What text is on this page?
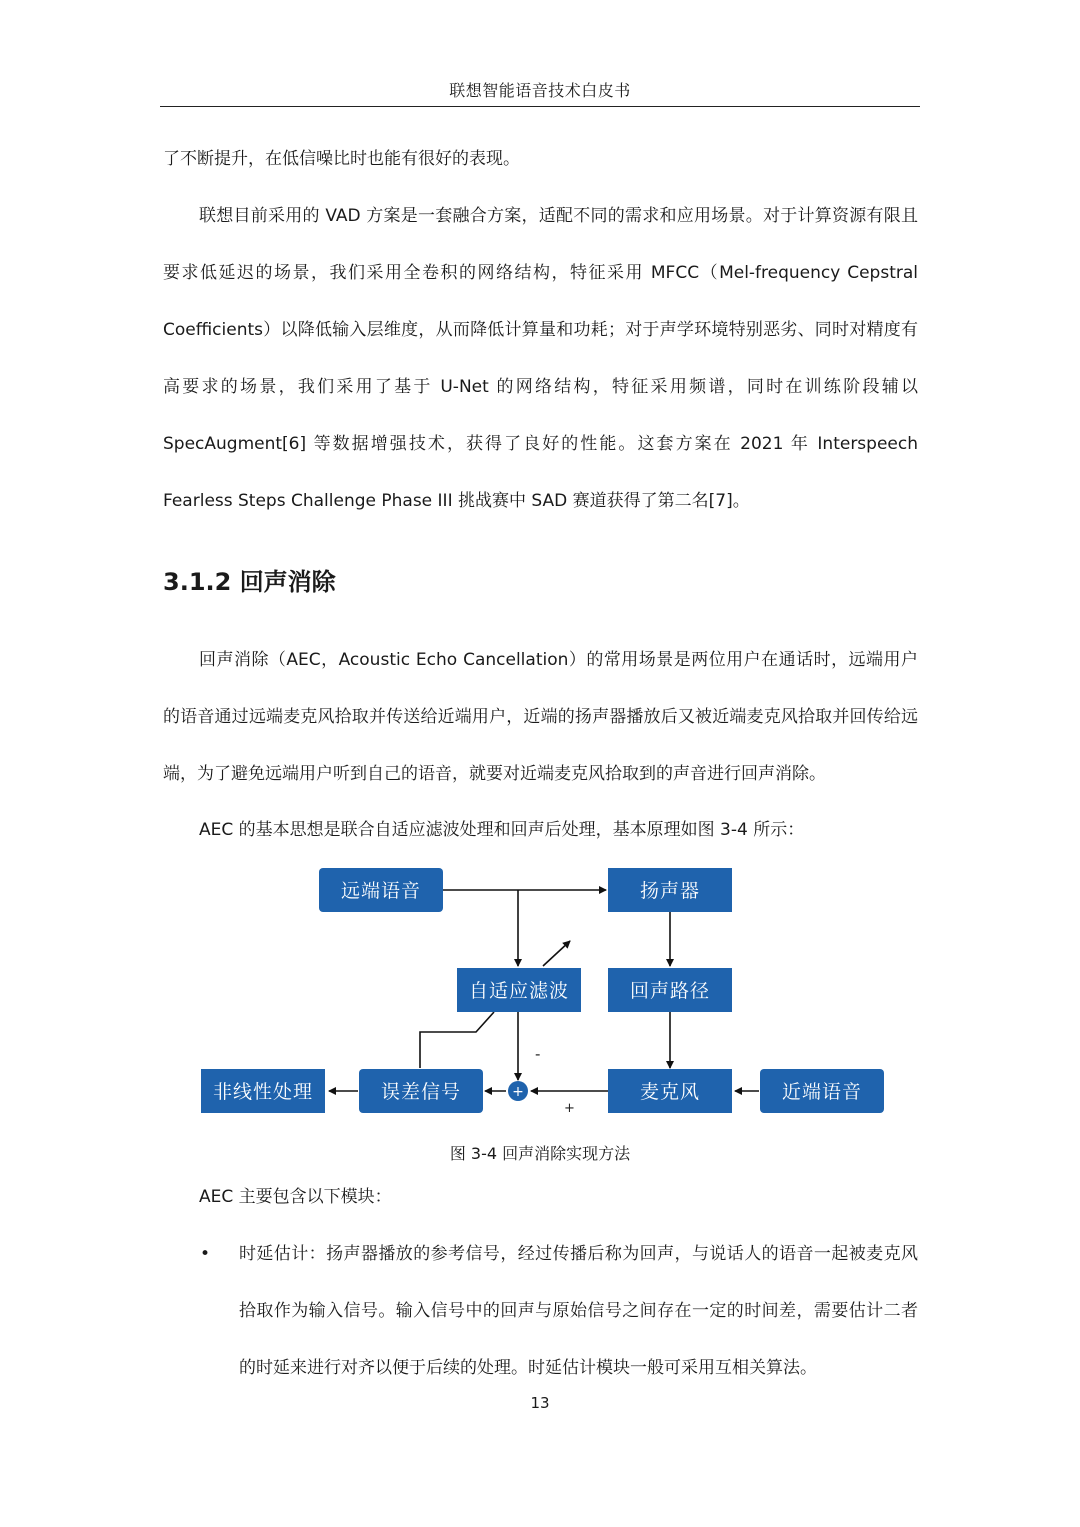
联想智能语音技术白皮书

了不断提升，在低信噪比时也能有很好的表现。

联想目前采用的 VAD 方案是一套融合方案，适配不同的需求和应用场景。对于计算资源有限且要求低延迟的场景，我们采用全卷积的网络结构，特征采用 MFCC（Mel-frequency Cepstral Coefficients）以降低输入层维度，从而降低计算量和功耗；对于声学环境特别恶劣、同时对精度有高要求的场景，我们采用了基于 U-Net 的网络结构，特征采用频谱，同时在训练阶段辅以 SpecAugment[6] 等数据增强技术，获得了良好的性能。这套方案在 2021 年 Interspeech Fearless Steps Challenge Phase III 挑战赛中 SAD 赛道获得了第二名[7]。

3.1.2 回声消除

回声消除（AEC，Acoustic Echo Cancellation）的常用场景是两位用户在通话时，远端用户的语音通过远端麦克风拾取并传送给近端用户，近端的扬声器播放后又被近端麦克风拾取并回传给远端，为了避免远端用户听到自己的语音，就要对近端麦克风拾取到的声音进行回声消除。

AEC 的基本思想是联合自适应滤波处理和回声后处理，基本原理如图 3-4 所示：

远端语音	扬声器
自适应滤波	回声路径
非线性处理	误差信号	麦克风	近端语音
+
-
+
图 3-4 回声消除实现方法

AEC 主要包含以下模块：

• 时延估计：扬声器播放的参考信号，经过传播后称为回声，与说话人的语音一起被麦克风拾取作为输入信号。输入信号中的回声与原始信号之间存在一定的时间差，需要估计二者的时延来进行对齐以便于后续的处理。时延估计模块一般可采用互相关算法。

13
